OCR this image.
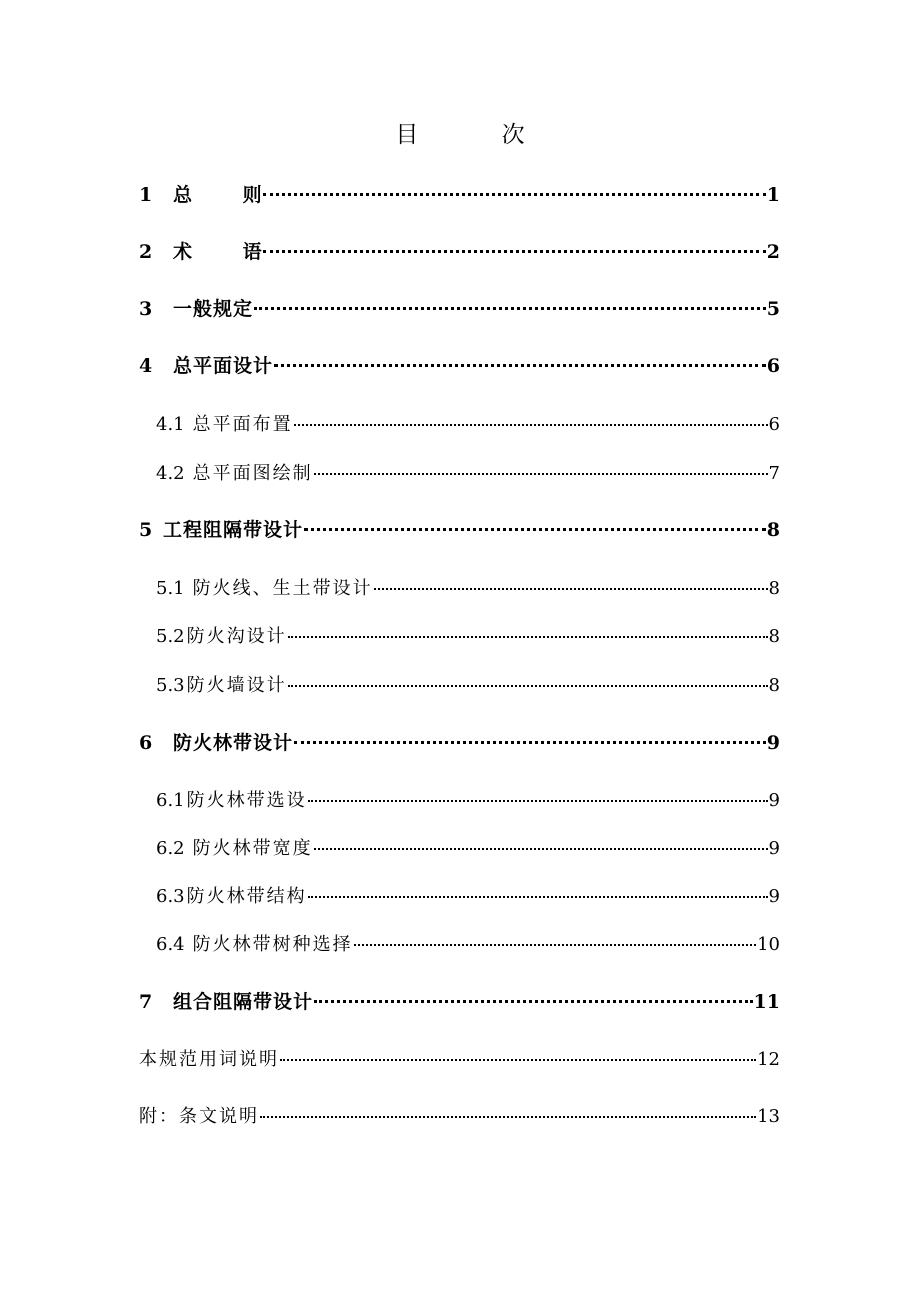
目 次
1	总 则	1
2	术 语	2
3	一般规定	5
4	总平面设计	6
4.1 总平面布置	6
4.2 总平面图绘制	7
5 工程阻隔带设计	8
5.1 防火线、生土带设计	8
5.2 防火沟设计	8
5.3 防火墙设计	8
6	防火林带设计	9
6.1 防火林带选设	9
6.2 防火林带宽度	9
6.3 防火林带结构	9
6.4 防火林带树种选择	10
7	组合阻隔带设计	11
本规范用词说明	12
附：条文说明	13
